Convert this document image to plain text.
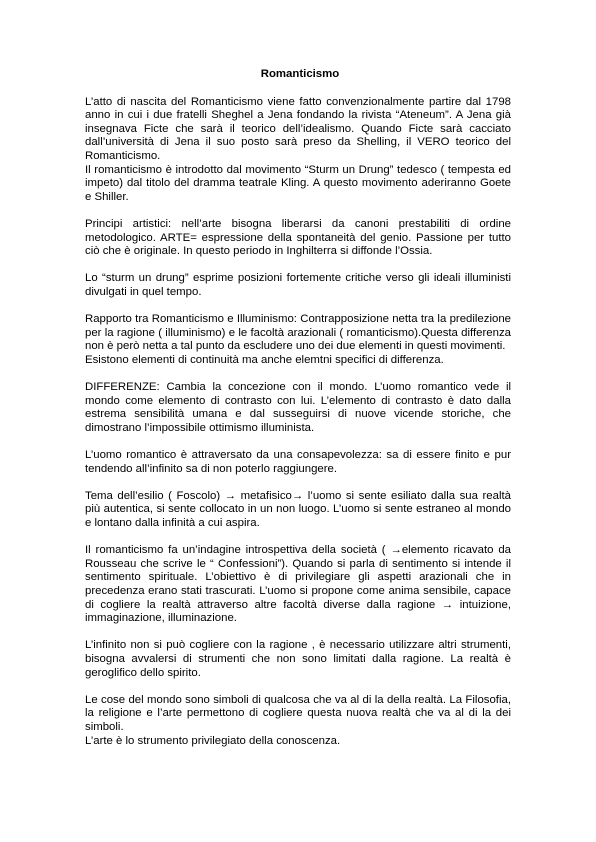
Romanticismo
L’atto di nascita del Romanticismo viene fatto convenzionalmente partire dal 1798 anno in cui i due fratelli Sheghel a Jena fondando la rivista “Ateneum”. A Jena già insegnava Ficte che sarà il teorico dell’idealismo. Quando Ficte sarà cacciato dall’università di Jena il suo posto sarà preso da Shelling, il VERO teorico del Romanticismo.
Il romanticismo è introdotto dal movimento “Sturm un Drung” tedesco ( tempesta ed impeto) dal titolo del dramma teatrale Kling. A questo movimento aderiranno Goete e Shiller.
Principi artistici: nell’arte bisogna liberarsi da canoni prestabiliti di ordine metodologico. ARTE= espressione della spontaneità del genio. Passione per tutto ciò che è originale. In questo periodo in Inghilterra si diffonde l’Ossia.
Lo “sturm un drung” esprime posizioni fortemente critiche verso gli ideali illuministi divulgati in quel tempo.
Rapporto tra Romanticismo e Illuminismo: Contrapposizione netta tra la predilezione per la ragione ( illuminismo) e le facoltà arazionali ( romanticismo).Questa differenza non è però netta a tal punto da escludere uno dei due elementi in questi movimenti.
Esistono elementi di continuità ma anche elemtni specifici di differenza.
DIFFERENZE: Cambia la concezione con il mondo. L’uomo romantico vede il mondo come elemento di contrasto con lui. L’elemento di contrasto è dato dalla estrema sensibilità umana e dal susseguirsi di nuove vicende storiche, che dimostrano l’impossibile ottimismo illuminista.
L’uomo romantico è attraversato da una consapevolezza: sa di essere finito e pur tendendo all’infinito sa di non poterlo raggiungere.
Tema dell’esilio ( Foscolo) → metafisico→ l’uomo si sente esiliato dalla sua realtà più autentica, si sente collocato in un non luogo. L’uomo si sente estraneo al mondo e lontano dalla infinità a cui aspira.
Il romanticismo fa un’indagine introspettiva della società ( →elemento ricavato da Rousseau che scrive le “ Confessioni”). Quando si parla di sentimento si intende il sentimento spirituale. L’obiettivo è di privilegiare gli aspetti arazionali che in precedenza erano stati trascurati. L’uomo si propone come anima sensibile, capace di cogliere la realtà attraverso altre facoltà diverse dalla ragione → intuizione, immaginazione, illuminazione.
L’infinito non si può cogliere con la ragione , è necessario utilizzare altri strumenti, bisogna avvalersi di strumenti che non sono limitati dalla ragione. La realtà è geroglifico dello spirito.
Le cose del mondo sono simboli di qualcosa che va al di la della realtà. La Filosofia, la religione e l’arte permettono di cogliere questa nuova realtà che va al di la dei simboli.
L’arte è lo strumento privilegiato della conoscenza.
